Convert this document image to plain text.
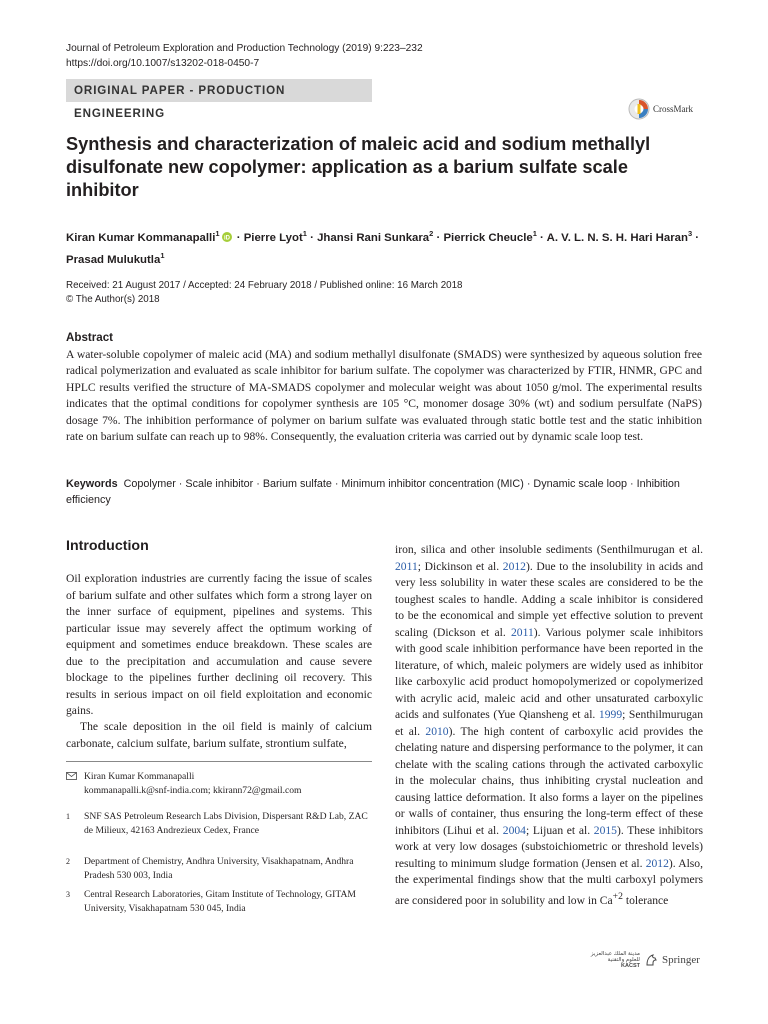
Journal of Petroleum Exploration and Production Technology (2019) 9:223–232
https://doi.org/10.1007/s13202-018-0450-7
ORIGINAL PAPER - PRODUCTION ENGINEERING	CrossMark
Synthesis and characterization of maleic acid and sodium methallyl disulfonate new copolymer: application as a barium sulfate scale inhibitor
Kiran Kumar Kommanapalli$^1$
iD · Pierre Lyot$^1$ · Jhansi Rani Sunkara$^2$ · Pierrick Cheucle$^1$ · A. V. L. N. S. H. Hari Haran$^3$ ·
Prasad Mulukutla$^1$
Received: 21 August 2017 / Accepted: 24 February 2018 / Published online: 16 March 2018
© The Author(s) 2018
Abstract

A water-soluble copolymer of maleic acid (MA) and sodium methallyl disulfonate (SMADS) were synthesized by aqueous solution free radical polymerization and evaluated as scale inhibitor for barium sulfate. The copolymer was characterized by FTIR, HNMR, GPC and HPLC results verified the structure of MA-SMADS copolymer and molecular weight was about 1050 g/mol. The experimental results indicates that the optimal conditions for copolymer synthesis are 105 °C, monomer dosage 30% (wt) and sodium persulfate (NaPS) dosage 7%. The inhibition performance of polymer on barium sulfate was evaluated through static bottle test and the static inhibition rate on barium sulfate can reach up to 98%. Consequently, the evaluation criteria was carried out by dynamic scale loop test.

Keywords Copolymer · Scale inhibitor · Barium sulfate · Minimum inhibitor concentration (MIC) · Dynamic scale loop · Inhibition efficiency
Introduction

Oil exploration industries are currently facing the issue of scales of barium sulfate and other sulfates which form a strong layer on the inner surface of equipment, pipelines and systems. This particular issue may severely affect the optimum working of equipment and sometimes enduce breakdown. These scales are due to the precipitation and accumulation and cause severe blockage to the pipelines further declining oil recovery. This results in serious impact on oil field exploitation and economic gains.

The scale deposition in the oil field is mainly of calcium carbonate, calcium sulfate, barium sulfate, strontium sulfate,

iron, silica and other insoluble sediments (Senthilmurugan et al. 2011; Dickinson et al. 2012). Due to the insolubility in acids and very less solubility in water these scales are considered to be the toughest scales to handle. Adding a scale inhibitor is considered to be the economical and simple yet effective solution to prevent scaling (Dickson et al. 2011). Various polymer scale inhibitors with good scale inhibition performance have been reported in the literature, of which, maleic polymers are widely used as inhibitor like carboxylic acid product homopolymerized or copolymerized with acrylic acid, maleic acid and other unsaturated carboxylic acids and sulfonates (Yue Qiansheng et al. 1999; Senthilmurugan et al. 2010). The high content of carboxylic acid provides the chelating nature and dispersing performance to the polymer, it can chelate with the scaling cations through the activated carboxylic in the molecular chains, thus inhibiting crystal nucleation and causing lattice deformation. It also forms a layer on the pipelines or walls of container, thus ensuring the long-term effect of these inhibitors (Lihui et al. 2004; Lijuan et al. 2015). These inhibitors work at very low dosages (substoichiometric or threshold levels) resulting to minimum sludge formation (Jensen et al. 2012). Also, the experimental findings show that the multi carboxyl polymers are considered poor in solubility and low in $Ca^{+2}$ tolerance

Kiran Kumar Kommanapalli
kommanapalli.k@snf-india.com; kkirann72@gmail.com
1 SNF SAS Petroleum Research Labs Division, Dispersant R&D Lab, ZAC de Milieux, 42163 Andrezieux Cedex, France
2 Department of Chemistry, Andhra University, Visakhapatnam, Andhra Pradesh 530 003, India
3 Central Research Laboratories, Gitam Institute of Technology, GITAM University, Visakhapatnam 530 045, India
مدينة الملك عبدالعزيز للعلوم والتقنية
KACST Springer
